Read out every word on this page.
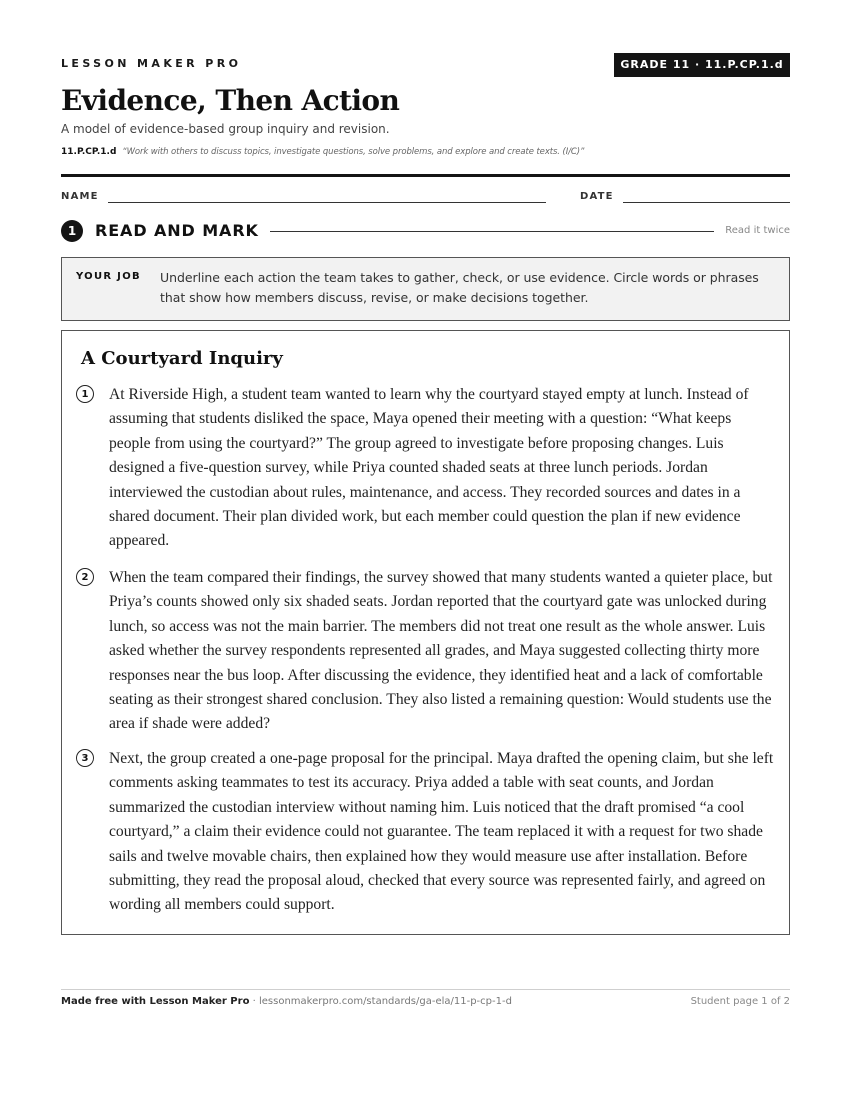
LESSON MAKER PRO	GRADE 11 · 11.P.CP.1.d
Evidence, Then Action
A model of evidence-based group inquiry and revision.
11.P.CP.1.d “Work with others to discuss topics, investigate questions, solve problems, and explore and create texts. (I/C)”
NAME	DATE
1	READ AND MARK	Read it twice
YOUR JOB Underline each action the team takes to gather, check, or use evidence. Circle words or phrases that show how members discuss, revise, or make decisions together.
A Courtyard Inquiry
1	At Riverside High, a student team wanted to learn why the courtyard stayed empty at lunch. Instead of assuming that students disliked the space, Maya opened their meeting with a question: “What keeps people from using the courtyard?” The group agreed to investigate before proposing changes. Luis designed a five-question survey, while Priya counted shaded seats at three lunch periods. Jordan interviewed the custodian about rules, maintenance, and access. They recorded sources and dates in a shared document. Their plan divided work, but each member could question the plan if new evidence appeared.

2	When the team compared their findings, the survey showed that many students wanted a quieter place, but Priya’s counts showed only six shaded seats. Jordan reported that the courtyard gate was unlocked during lunch, so access was not the main barrier. The members did not treat one result as the whole answer. Luis asked whether the survey respondents represented all grades, and Maya suggested collecting thirty more responses near the bus loop. After discussing the evidence, they identified heat and a lack of comfortable seating as their strongest shared conclusion. They also listed a remaining question: Would students use the area if shade were added?

3	Next, the group created a one-page proposal for the principal. Maya drafted the opening claim, but she left comments asking teammates to test its accuracy. Priya added a table with seat counts, and Jordan summarized the custodian interview without naming him. Luis noticed that the draft promised “a cool courtyard,” a claim their evidence could not guarantee. The team replaced it with a request for two shade sails and twelve movable chairs, then explained how they would measure use after installation. Before submitting, they read the proposal aloud, checked that every source was represented fairly, and agreed on wording all members could support.

Made free with Lesson Maker Pro · lessonmakerpro.com/standards/ga-ela/11-p-cp-1-d	Student page 1 of 2
